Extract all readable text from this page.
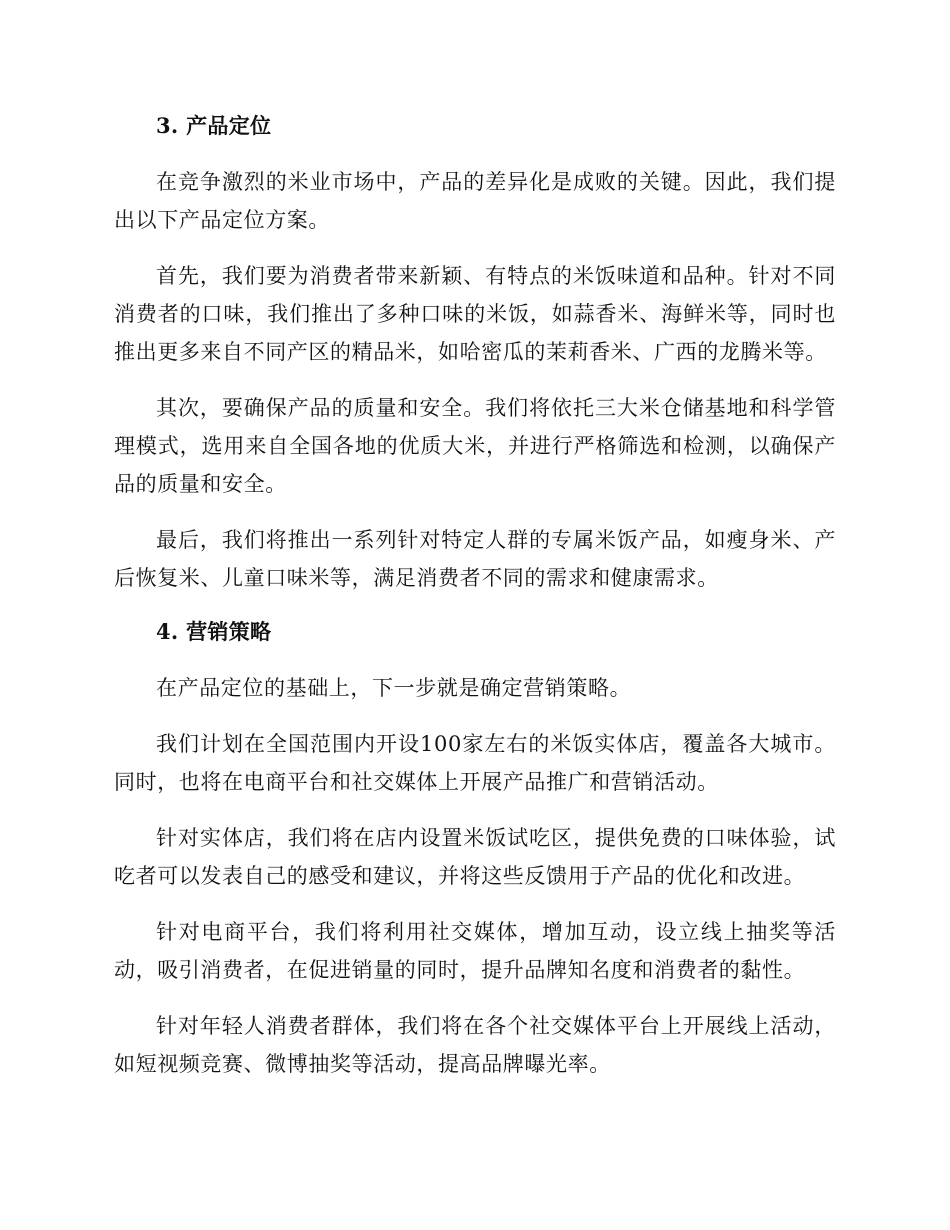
3. 产品定位

在竞争激烈的米业市场中，产品的差异化是成败的关键。因此，我们提出以下产品定位方案。

首先，我们要为消费者带来新颖、有特点的米饭味道和品种。针对不同消费者的口味，我们推出了多种口味的米饭，如蒜香米、海鲜米等，同时也推出更多来自不同产区的精品米，如哈密瓜的茉莉香米、广西的龙腾米等。

其次，要确保产品的质量和安全。我们将依托三大米仓储基地和科学管理模式，选用来自全国各地的优质大米，并进行严格筛选和检测，以确保产品的质量和安全。

最后，我们将推出一系列针对特定人群的专属米饭产品，如瘦身米、产后恢复米、儿童口味米等，满足消费者不同的需求和健康需求。

4. 营销策略

在产品定位的基础上，下一步就是确定营销策略。

我们计划在全国范围内开设100家左右的米饭实体店，覆盖各大城市。同时，也将在电商平台和社交媒体上开展产品推广和营销活动。

针对实体店，我们将在店内设置米饭试吃区，提供免费的口味体验，试吃者可以发表自己的感受和建议，并将这些反馈用于产品的优化和改进。

针对电商平台，我们将利用社交媒体，增加互动，设立线上抽奖等活动，吸引消费者，在促进销量的同时，提升品牌知名度和消费者的黏性。

针对年轻人消费者群体，我们将在各个社交媒体平台上开展线上活动，如短视频竞赛、微博抽奖等活动，提高品牌曝光率。
